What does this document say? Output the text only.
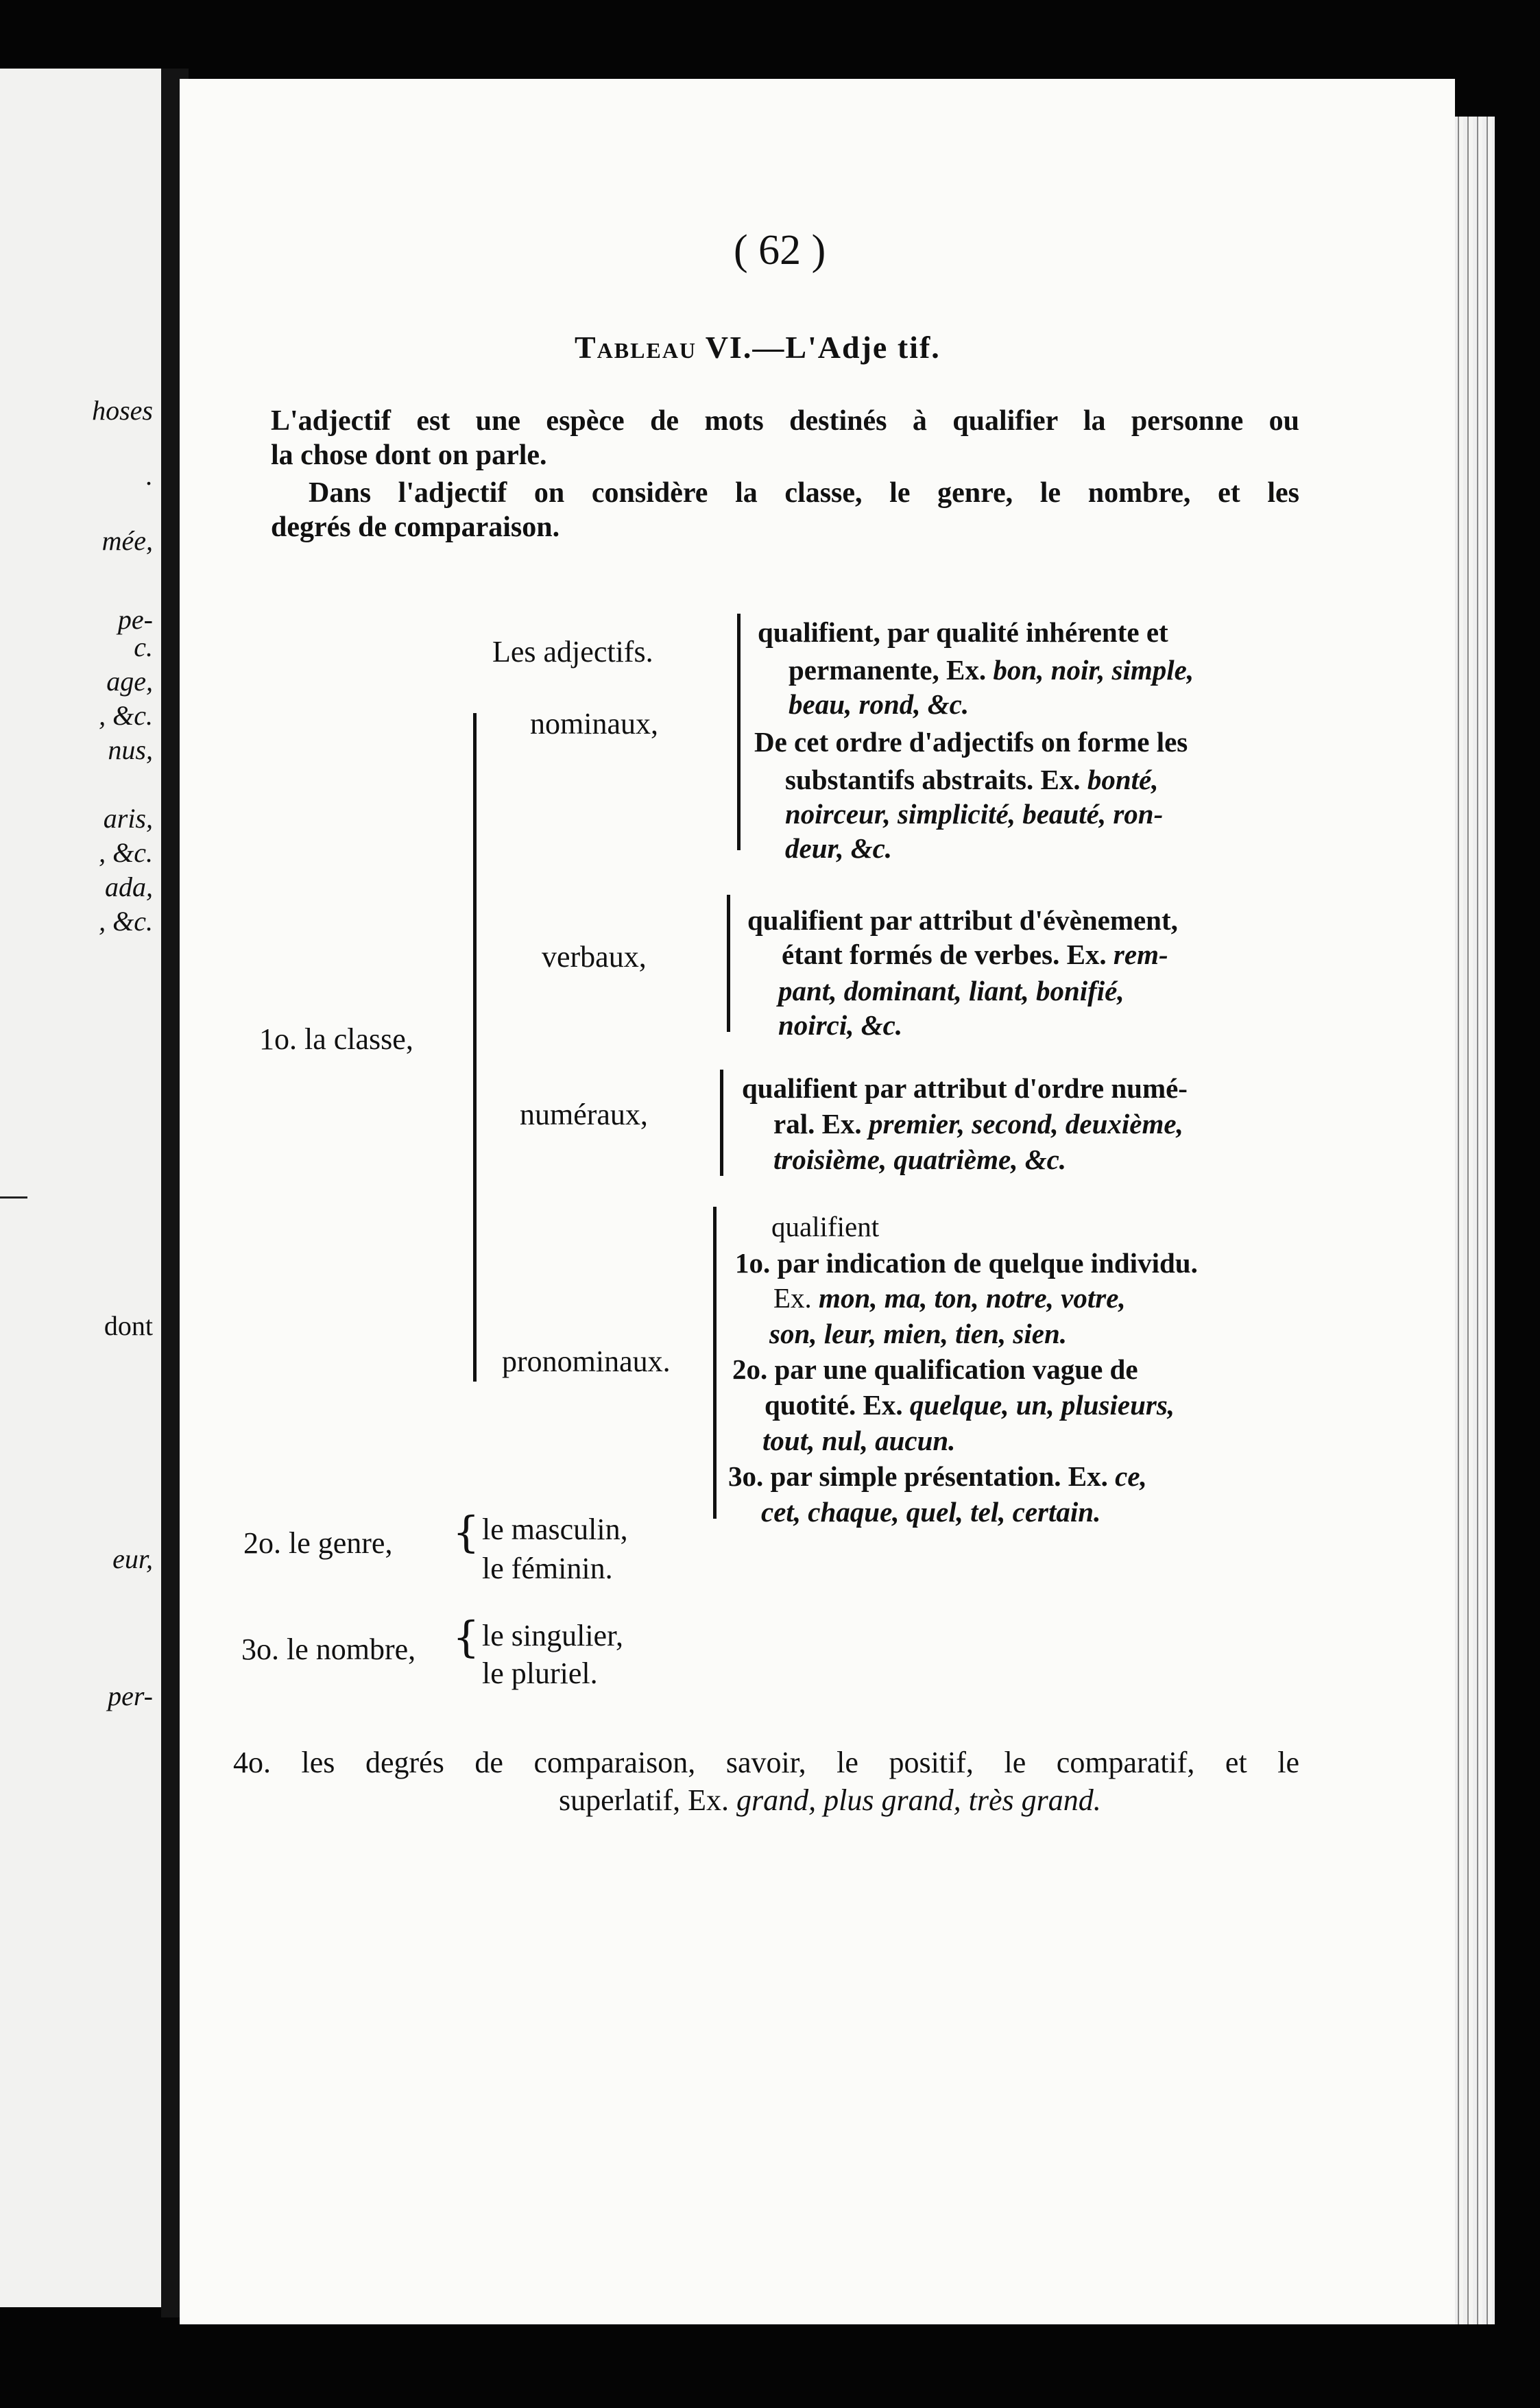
hoses
.
mée,
pe-
c.
age,
, &c.
nus,
aris,
, &c.
ada,
, &c.
dont
eur,
per-
( 62 )
Tableau VI.—L'Adje tif.
L'adjectif est une espèce de mots destinés à qualifier la personne ou
la chose dont on parle.
Dans l'adjectif on considère la classe, le genre, le nombre, et les
degrés de comparaison.
1o. la classe,
Les adjectifs.
nominaux,
qualifient, par qualité inhérente et
permanente, Ex. bon, noir, simple,
beau, rond, &c.
De cet ordre d'adjectifs on forme les
substantifs abstraits. Ex. bonté,
noirceur, simplicité, beauté, ron-
deur, &c.
verbaux,
qualifient par attribut d'évènement,
étant formés de verbes. Ex. rem-
pant, dominant, liant, bonifié,
noirci, &c.
numéraux,
qualifient par attribut d'ordre numé-
ral. Ex. premier, second, deuxième,
troisième, quatrième, &c.
pronominaux.
qualifient
1o. par indication de quelque individu.
Ex. mon, ma, ton, notre, votre,
son, leur, mien, tien, sien.
2o. par une qualification vague de
quotité. Ex. quelque, un, plusieurs,
tout, nul, aucun.
3o. par simple présentation. Ex. ce,
cet, chaque, quel, tel, certain.
2o. le genre, { le masculin,
le féminin.
3o. le nombre, { le singulier,
le pluriel.
4o. les degrés de comparaison, savoir, le positif, le comparatif, et le
superlatif, Ex. grand, plus grand, très grand.
